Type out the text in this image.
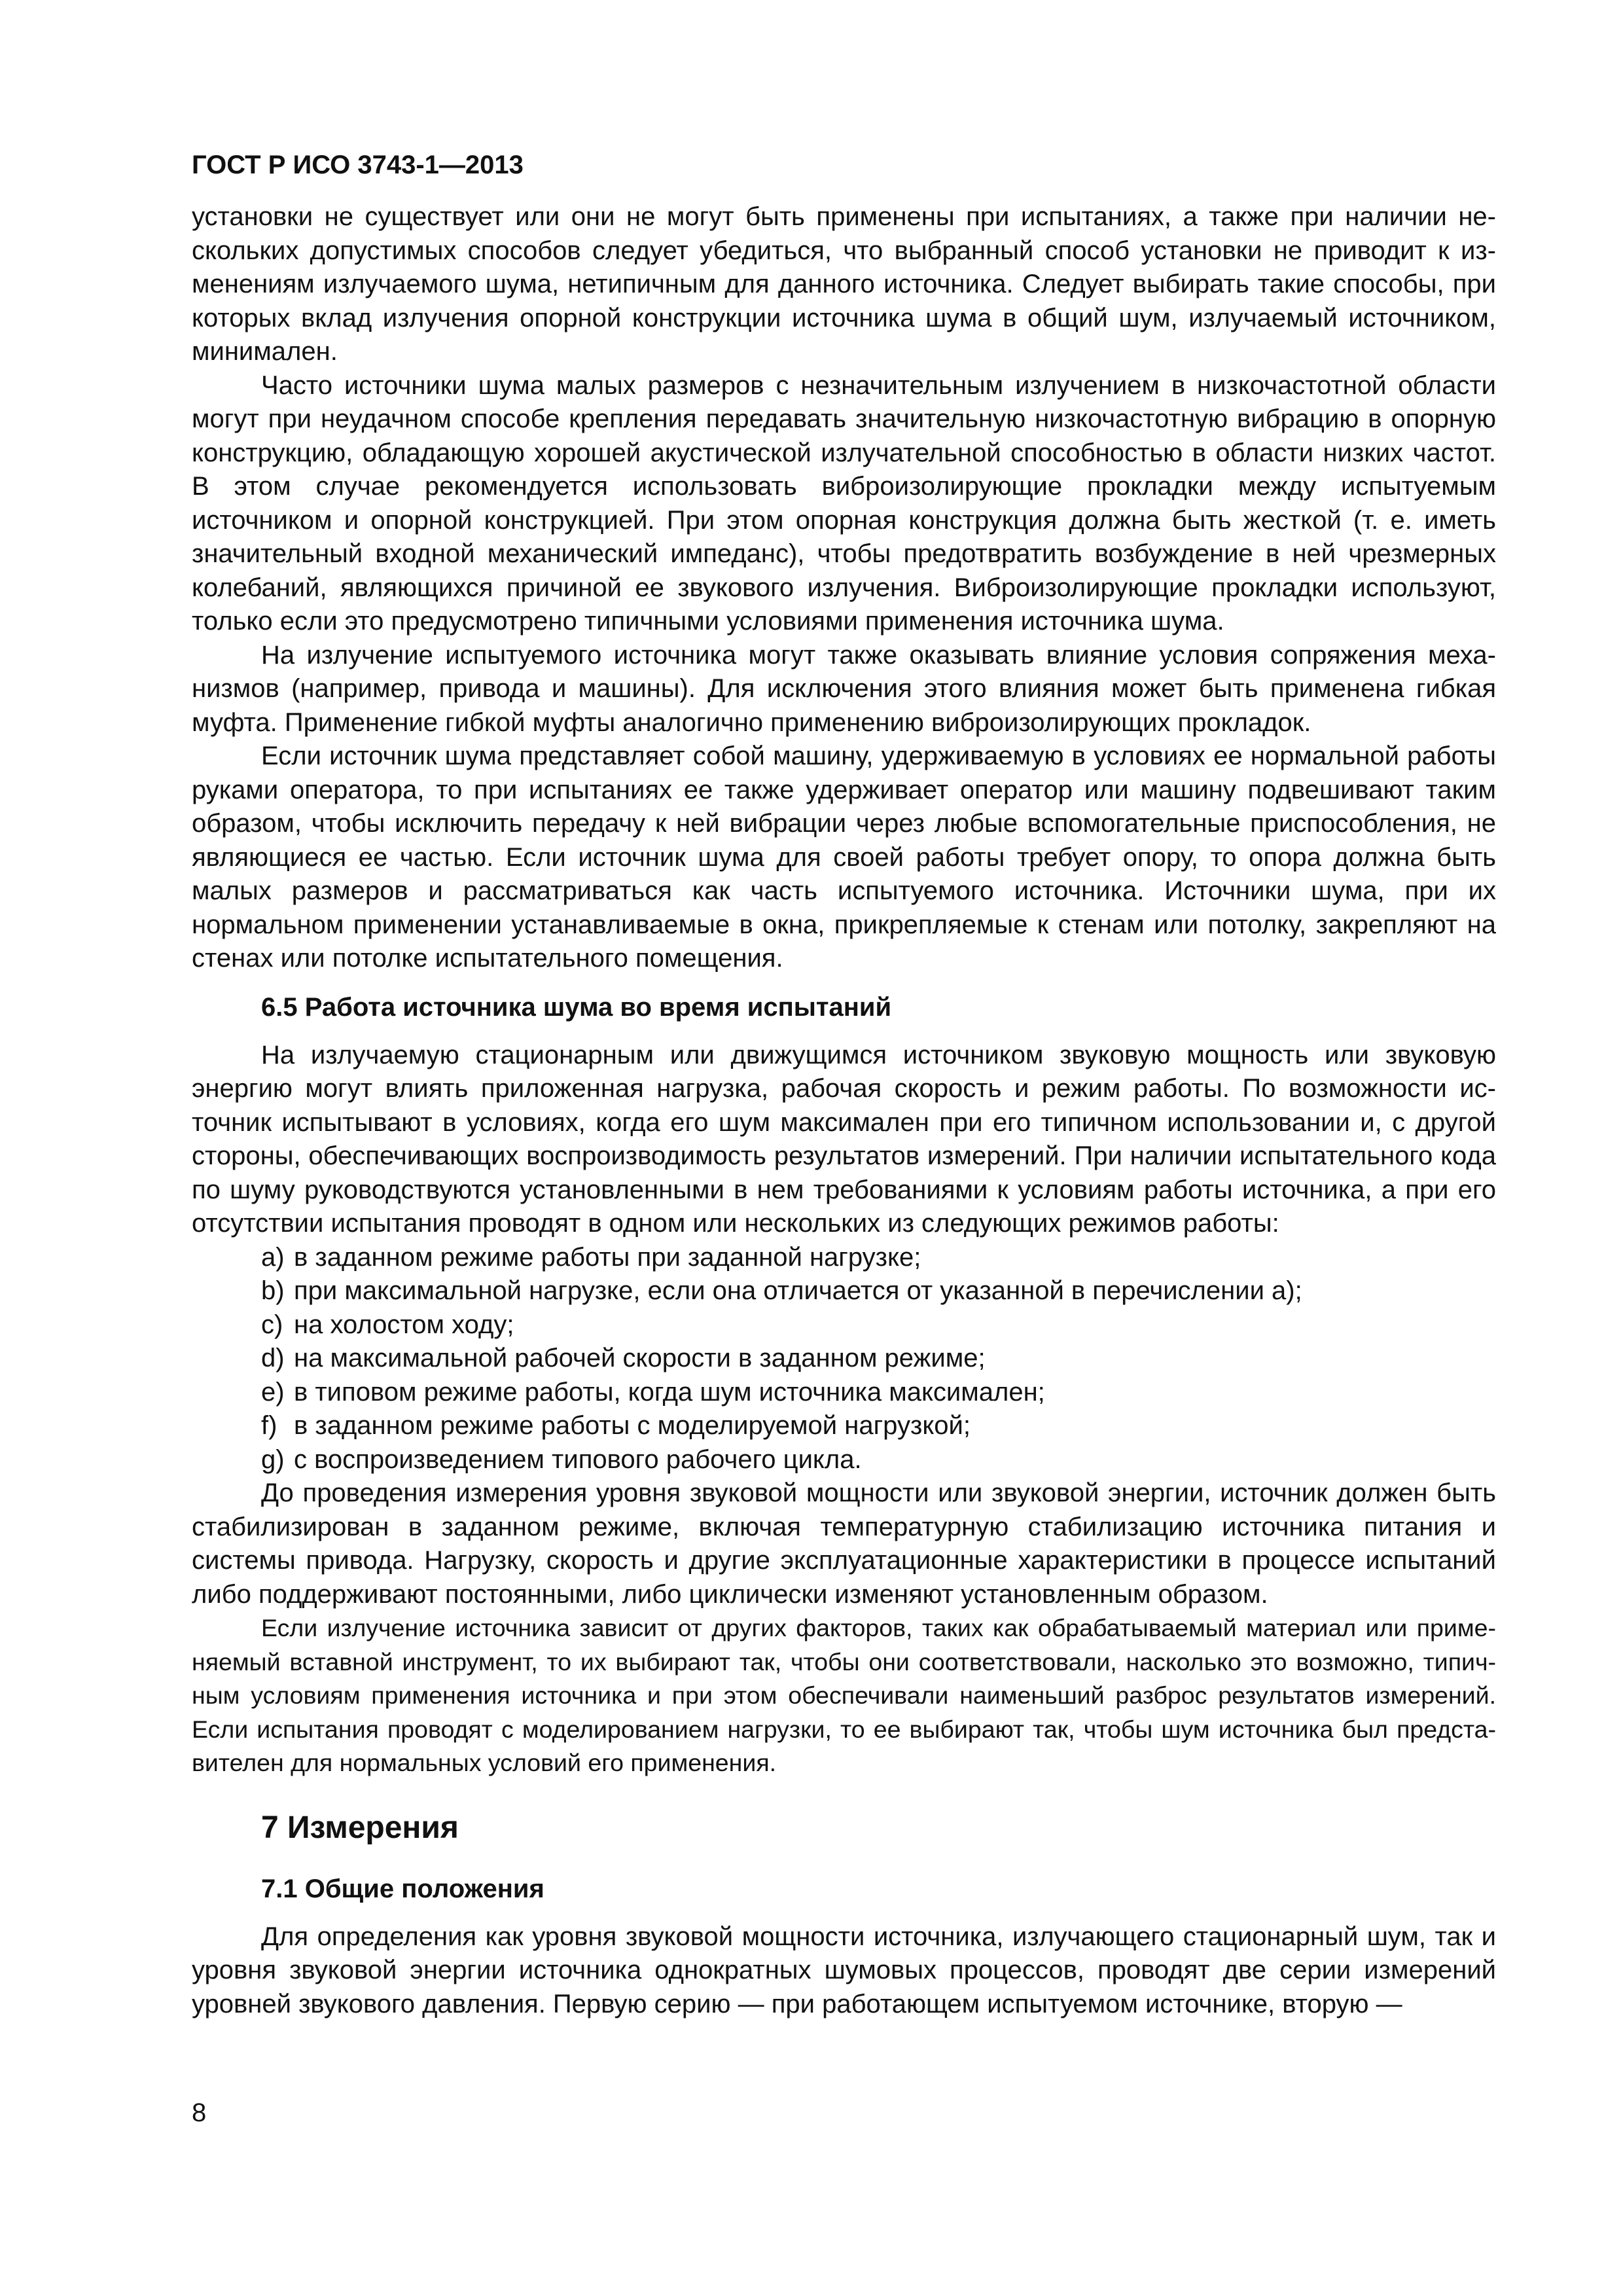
ГОСТ Р ИСО 3743-1—2013

установки не существует или они не могут быть применены при испытаниях, а также при наличии нескольких допустимых способов следует убедиться, что выбранный способ установки не приводит к изменениям излучаемого шума, нетипичным для данного источника. Следует выбирать такие способы, при которых вклад излучения опорной конструкции источника шума в общий шум, излучаемый источником, минимален.

Часто источники шума малых размеров с незначительным излучением в низкочастотной области могут при неудачном способе крепления передавать значительную низкочастотную вибрацию в опорную конструкцию, обладающую хорошей акустической излучательной способностью в области низких частот. В этом случае рекомендуется использовать виброизолирующие прокладки между испытуемым источником и опорной конструкцией. При этом опорная конструкция должна быть жесткой (т. е. иметь значительный входной механический импеданс), чтобы предотвратить возбуждение в ней чрезмерных колебаний, являющихся причиной ее звукового излучения. Виброизолирующие прокладки используют, только если это предусмотрено типичными условиями применения источника шума.

На излучение испытуемого источника могут также оказывать влияние условия сопряжения механизмов (например, привода и машины). Для исключения этого влияния может быть применена гибкая муфта. Применение гибкой муфты аналогично применению виброизолирующих прокладок.

Если источник шума представляет собой машину, удерживаемую в условиях ее нормальной работы руками оператора, то при испытаниях ее также удерживает оператор или машину подвешивают таким образом, чтобы исключить передачу к ней вибрации через любые вспомогательные приспособления, не являющиеся ее частью. Если источник шума для своей работы требует опору, то опора должна быть малых размеров и рассматриваться как часть испытуемого источника. Источники шума, при их нормальном применении устанавливаемые в окна, прикрепляемые к стенам или потолку, закрепляют на стенах или потолке испытательного помещения.

6.5 Работа источника шума во время испытаний

На излучаемую стационарным или движущимся источником звуковую мощность или звуковую энергию могут влиять приложенная нагрузка, рабочая скорость и режим работы. По возможности источник испытывают в условиях, когда его шум максимален при его типичном использовании и, с другой стороны, обеспечивающих воспроизводимость результатов измерений. При наличии испытательного кода по шуму руководствуются установленными в нем требованиями к условиям работы источника, а при его отсутствии испытания проводят в одном или нескольких из следующих режимов работы:

a) в заданном режиме работы при заданной нагрузке;
b) при максимальной нагрузке, если она отличается от указанной в перечислении а);
c) на холостом ходу;
d) на максимальной рабочей скорости в заданном режиме;
e) в типовом режиме работы, когда шум источника максимален;
f) в заданном режиме работы с моделируемой нагрузкой;
g) с воспроизведением типового рабочего цикла.

До проведения измерения уровня звуковой мощности или звуковой энергии, источник должен быть стабилизирован в заданном режиме, включая температурную стабилизацию источника питания и системы привода. Нагрузку, скорость и другие эксплуатационные характеристики в процессе испытаний либо поддерживают постоянными, либо циклически изменяют установленным образом.

Если излучение источника зависит от других факторов, таких как обрабатываемый материал или применяемый вставной инструмент, то их выбирают так, чтобы они соответствовали, насколько это возможно, типичным условиям применения источника и при этом обеспечивали наименьший разброс результатов измерений. Если испытания проводят с моделированием нагрузки, то ее выбирают так, чтобы шум источника был представителен для нормальных условий его применения.

7 Измерения
7.1 Общие положения

Для определения как уровня звуковой мощности источника, излучающего стационарный шум, так и уровня звуковой энергии источника однократных шумовых процессов, проводят две серии измерений уровней звукового давления. Первую серию — при работающем испытуемом источнике, вторую —

8
